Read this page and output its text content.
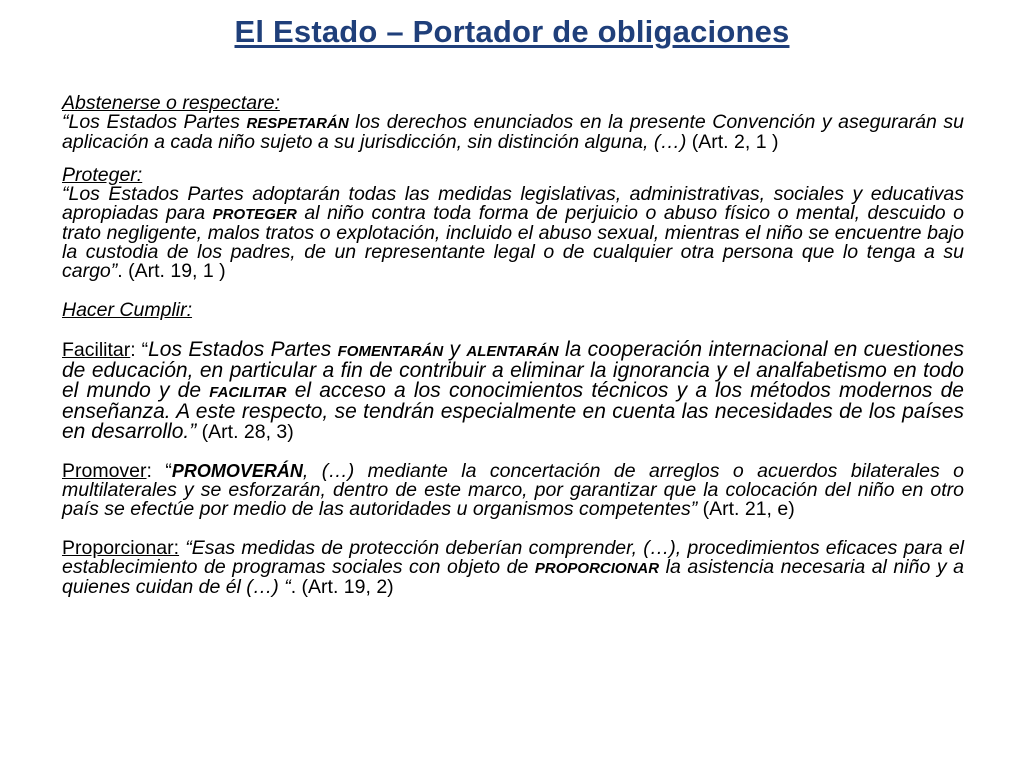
El Estado – Portador de obligaciones

Abstenerse o respectare:

“Los Estados Partes RESPETARÁN los derechos enunciados en la presente Convención y asegurarán su aplicación a cada niño sujeto a su jurisdicción, sin distinción alguna, (…) (Art. 2, 1 )

Proteger:

“Los Estados Partes adoptarán todas las medidas legislativas, administrativas, sociales y educativas apropiadas para PROTEGER al niño contra toda forma de perjuicio o abuso físico o mental, descuido o trato negligente, malos tratos o explotación, incluido el abuso sexual, mientras el niño se encuentre bajo la custodia de los padres, de un representante legal o de cualquier otra persona que lo tenga a su cargo”. (Art. 19, 1 )

Hacer Cumplir:

Facilitar: “Los Estados Partes FOMENTARÁN y ALENTARÁN la cooperación internacional en cuestiones de educación, en particular a fin de contribuir a eliminar la ignorancia y el analfabetismo en todo el mundo y de FACILITAR el acceso a los conocimientos técnicos y a los métodos modernos de enseñanza. A este respecto, se tendrán especialmente en cuenta las necesidades de los países en desarrollo.” (Art. 28, 3)

Promover: “PROMOVERÁN, (…) mediante la concertación de arreglos o acuerdos bilaterales o multilaterales y se esforzarán, dentro de este marco, por garantizar que la colocación del niño en otro país se efectúe por medio de las autoridades u organismos competentes” (Art. 21, e)

Proporcionar: “Esas medidas de protección deberían comprender, (…), procedimientos eficaces para el establecimiento de programas sociales con objeto de PROPORCIONAR la asistencia necesaria al niño y a quienes cuidan de él (…) “. (Art. 19, 2)
